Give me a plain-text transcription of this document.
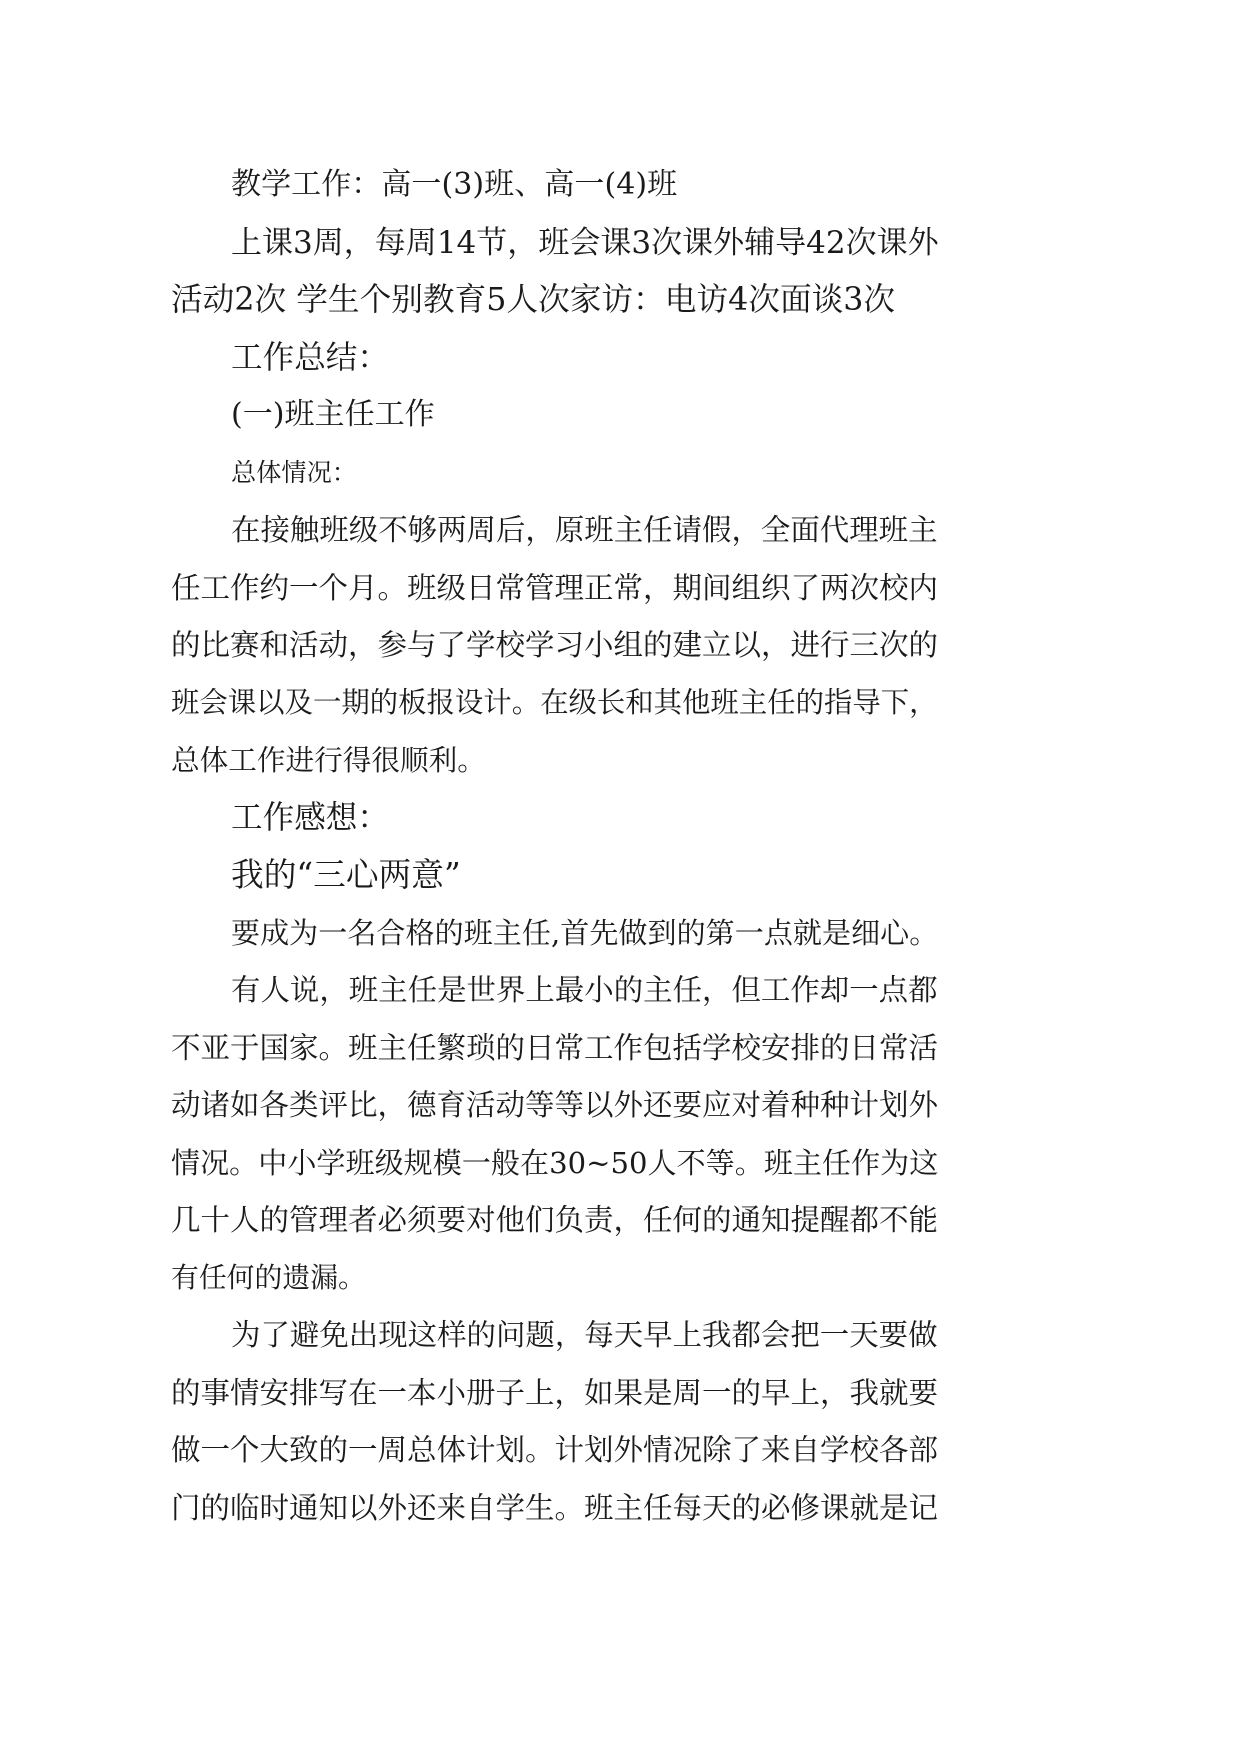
教学工作：高一(3)班、高一(4)班
上课3周，每周14节，班会课3次课外辅导42次课外
活动2次 学生个别教育5人次家访：电访4次面谈3次
工作总结：
(一)班主任工作
总体情况：
在接触班级不够两周后，原班主任请假，全面代理班主
任工作约一个月。班级日常管理正常，期间组织了两次校内
的比赛和活动，参与了学校学习小组的建立以，进行三次的
班会课以及一期的板报设计。在级长和其他班主任的指导下，
总体工作进行得很顺利。
工作感想：
我的“三心两意”
要成为一名合格的班主任,首先做到的第一点就是细心。
有人说，班主任是世界上最小的主任，但工作却一点都
不亚于国家。班主任繁琐的日常工作包括学校安排的日常活
动诸如各类评比，德育活动等等以外还要应对着种种计划外
情况。中小学班级规模一般在30~50人不等。班主任作为这
几十人的管理者必须要对他们负责，任何的通知提醒都不能
有任何的遗漏。
为了避免出现这样的问题，每天早上我都会把一天要做
的事情安排写在一本小册子上，如果是周一的早上，我就要
做一个大致的一周总体计划。计划外情况除了来自学校各部
门的临时通知以外还来自学生。班主任每天的必修课就是记
